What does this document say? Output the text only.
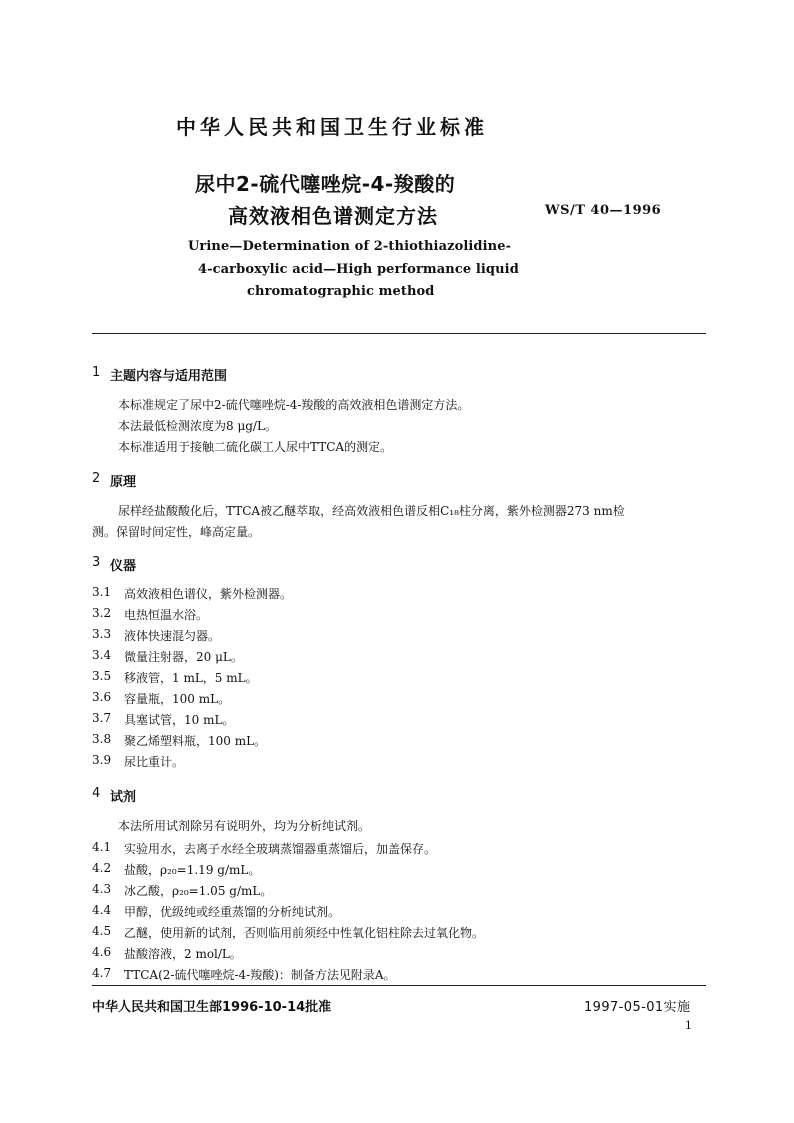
中华人民共和国卫生行业标准
尿中2-硫代噻唑烷-4-羧酸的
高效液相色谱测定方法	WS/T 40—1996
Urine—Determination of 2-thiothiazolidine-
4-carboxylic acid—High performance liquid
chromatographic method
1 主题内容与适用范围
本标准规定了尿中2-硫代噻唑烷-4-羧酸的高效液相色谱测定方法。
本法最低检测浓度为8 μg/L。
本标准适用于接触二硫化碳工人尿中TTCA的测定。
2 原理
尿样经盐酸酸化后，TTCA被乙醚萃取，经高效液相色谱反相C₁₈柱分离，紫外检测器273 nm检
测。保留时间定性，峰高定量。
3 仪器
3.1 高效液相色谱仪，紫外检测器。
3.2 电热恒温水浴。
3.3 液体快速混匀器。
3.4 微量注射器，20 μL。
3.5 移液管，1 mL，5 mL。
3.6 容量瓶，100 mL。
3.7 具塞试管，10 mL。
3.8 聚乙烯塑料瓶，100 mL。
3.9 尿比重计。
4 试剂
本法所用试剂除另有说明外，均为分析纯试剂。
4.1 实验用水，去离子水经全玻璃蒸馏器重蒸馏后，加盖保存。
4.2 盐酸，ρ₂₀=1.19 g/mL。
4.3 冰乙酸，ρ₂₀=1.05 g/mL。
4.4 甲醇，优级纯或经重蒸馏的分析纯试剂。
4.5 乙醚，使用新的试剂，否则临用前须经中性氧化铝柱除去过氧化物。
4.6 盐酸溶液，2 mol/L。
4.7 TTCA(2-硫代噻唑烷-4-羧酸)：制备方法见附录A。
中华人民共和国卫生部1996-10-14批准	1997-05-01实施
1
